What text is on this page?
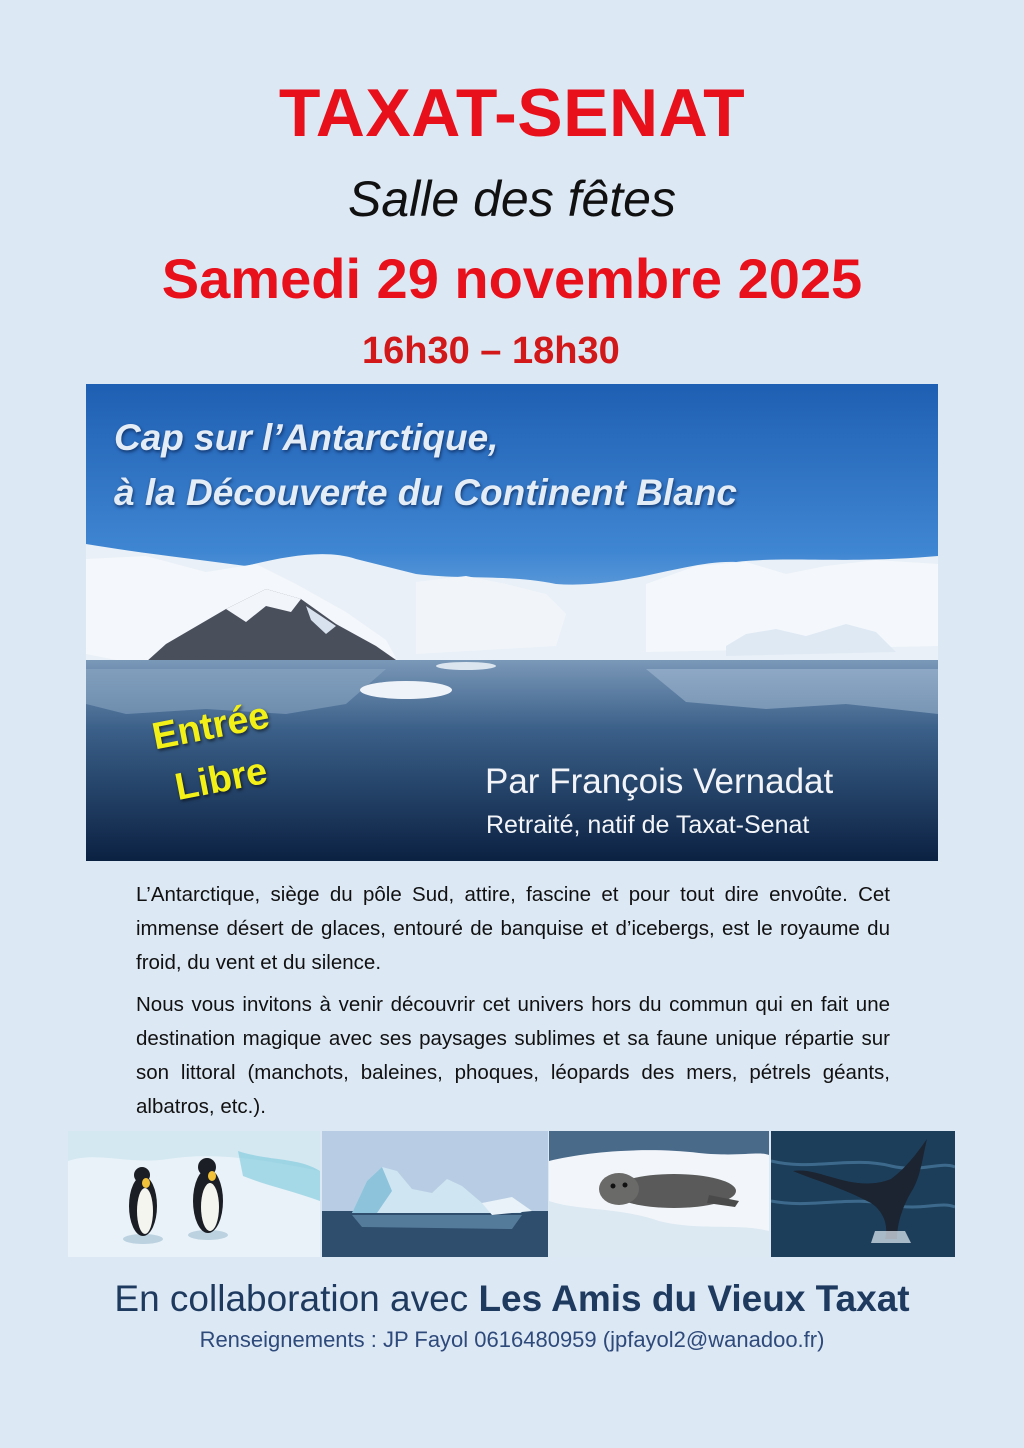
TAXAT-SENAT
Salle des fêtes
Samedi 29 novembre 2025
16h30 – 18h30
Cap sur l’Antarctique,
à la Découverte du Continent Blanc
Entrée
Libre	Par François Vernadat
Retraité, natif de Taxat-Senat

L’Antarctique, siège du pôle Sud, attire, fascine et pour tout dire envoûte. Cet immense désert de glaces, entouré de banquise et d’icebergs, est le royaume du froid, du vent et du silence.

Nous vous invitons à venir découvrir cet univers hors du commun qui en fait une destination magique avec ses paysages sublimes et sa faune unique répartie sur son littoral (manchots, baleines, phoques, léopards des mers, pétrels géants, albatros, etc.).

En collaboration avec Les Amis du Vieux Taxat
Renseignements : JP Fayol 0616480959 (jpfayol2@wanadoo.fr)
